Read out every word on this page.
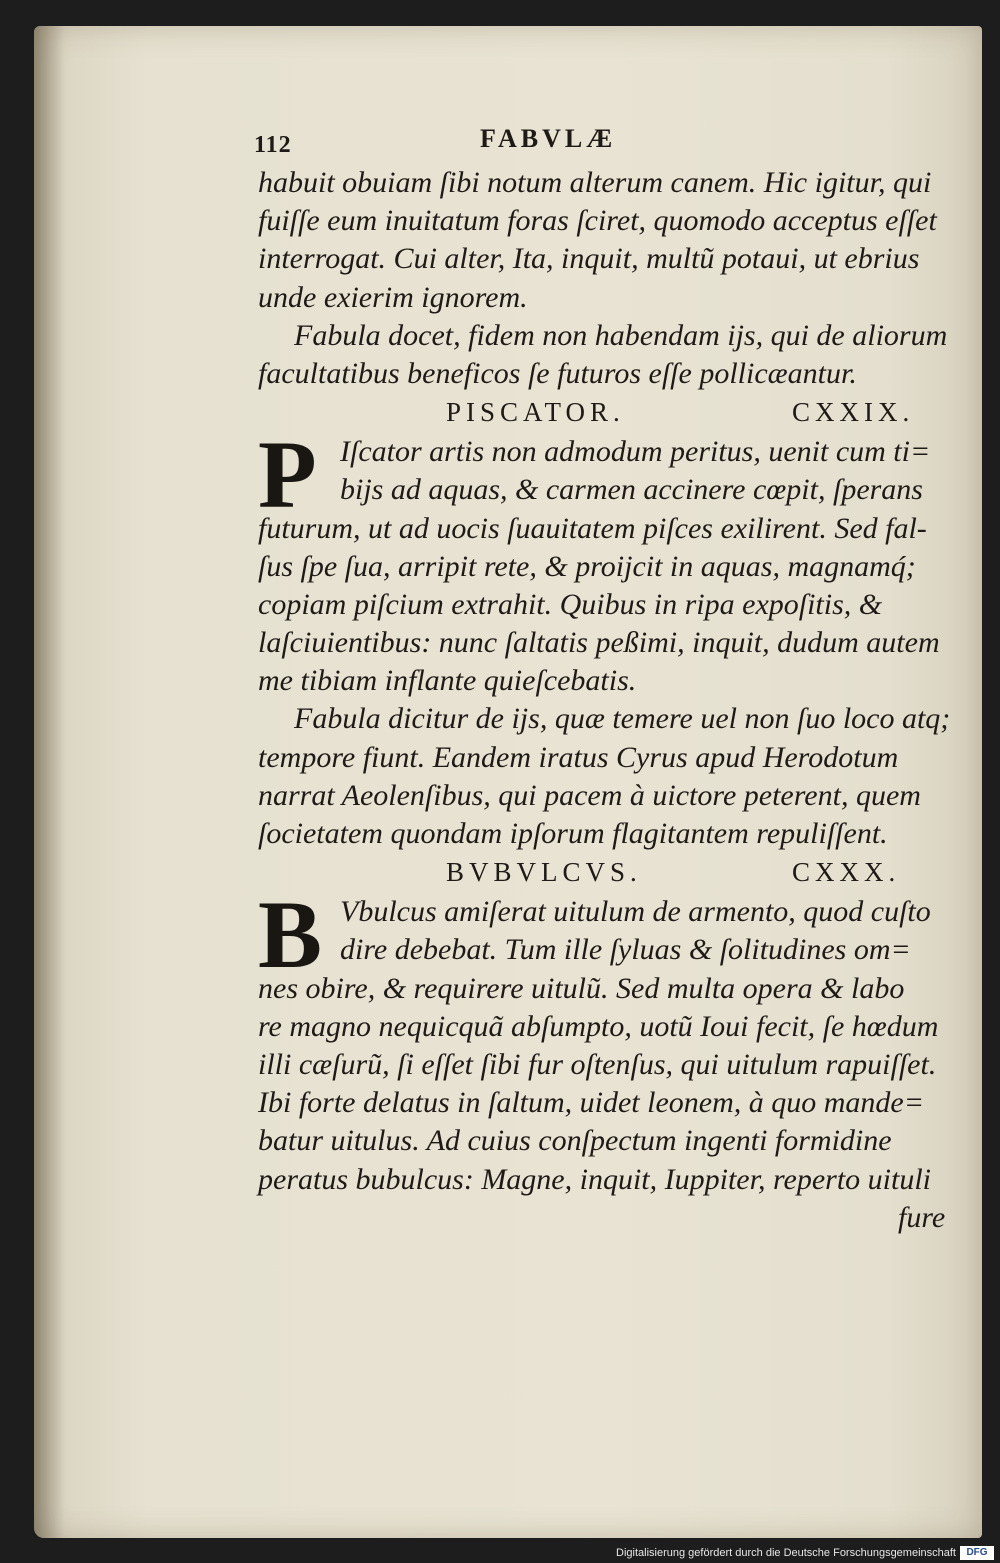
112	FABVLÆ
habuit obuiam ſibi notum alterum canem. Hic igitur, qui
fuiſſe eum inuitatum foras ſciret, quomodo acceptus eſſet
interrogat. Cui alter, Ita, inquit, multũ potaui, ut ebrius
unde exierim ignorem.
Fabula docet, fidem non habendam ijs, qui de aliorum
facultatibus beneficos ſe futuros eſſe pollicæantur.
PISCATOR.	CXXIX.
P Iſcator artis non admodum peritus, uenit cum ti=
bijs ad aquas, & carmen accinere cœpit, ſperans
futurum, ut ad uocis ſuauitatem piſces exilirent. Sed fal-
ſus ſpe ſua, arripit rete, & proijcit in aquas, magnamq́;
copiam piſcium extrahit. Quibus in ripa expoſitis, &
laſciuientibus: nunc ſaltatis peßimi, inquit, dudum autem
me tibiam inflante quieſcebatis.
Fabula dicitur de ijs, quæ temere uel non ſuo loco atq;
tempore fiunt. Eandem iratus Cyrus apud Herodotum
narrat Aeolenſibus, qui pacem à uictore peterent, quem
ſocietatem quondam ipſorum flagitantem repuliſſent.
BVBVLCVS.	CXXX.
B Vbulcus amiſerat uitulum de armento, quod cuſto
dire debebat. Tum ille ſyluas & ſolitudines om=
nes obire, & requirere uitulũ. Sed multa opera & labo
re magno nequicquã abſumpto, uotũ Ioui fecit, ſe hœdum
illi cæſurũ, ſi eſſet ſibi fur oſtenſus, qui uitulum rapuiſſet.
Ibi forte delatus in ſaltum, uidet leonem, à quo mande=
batur uitulus. Ad cuius conſpectum ingenti formidine
peratus bubulcus: Magne, inquit, Iuppiter, reperto uituli
fure
Digitalisierung gefördert durch die Deutsche Forschungsgemeinschaft	DFG
